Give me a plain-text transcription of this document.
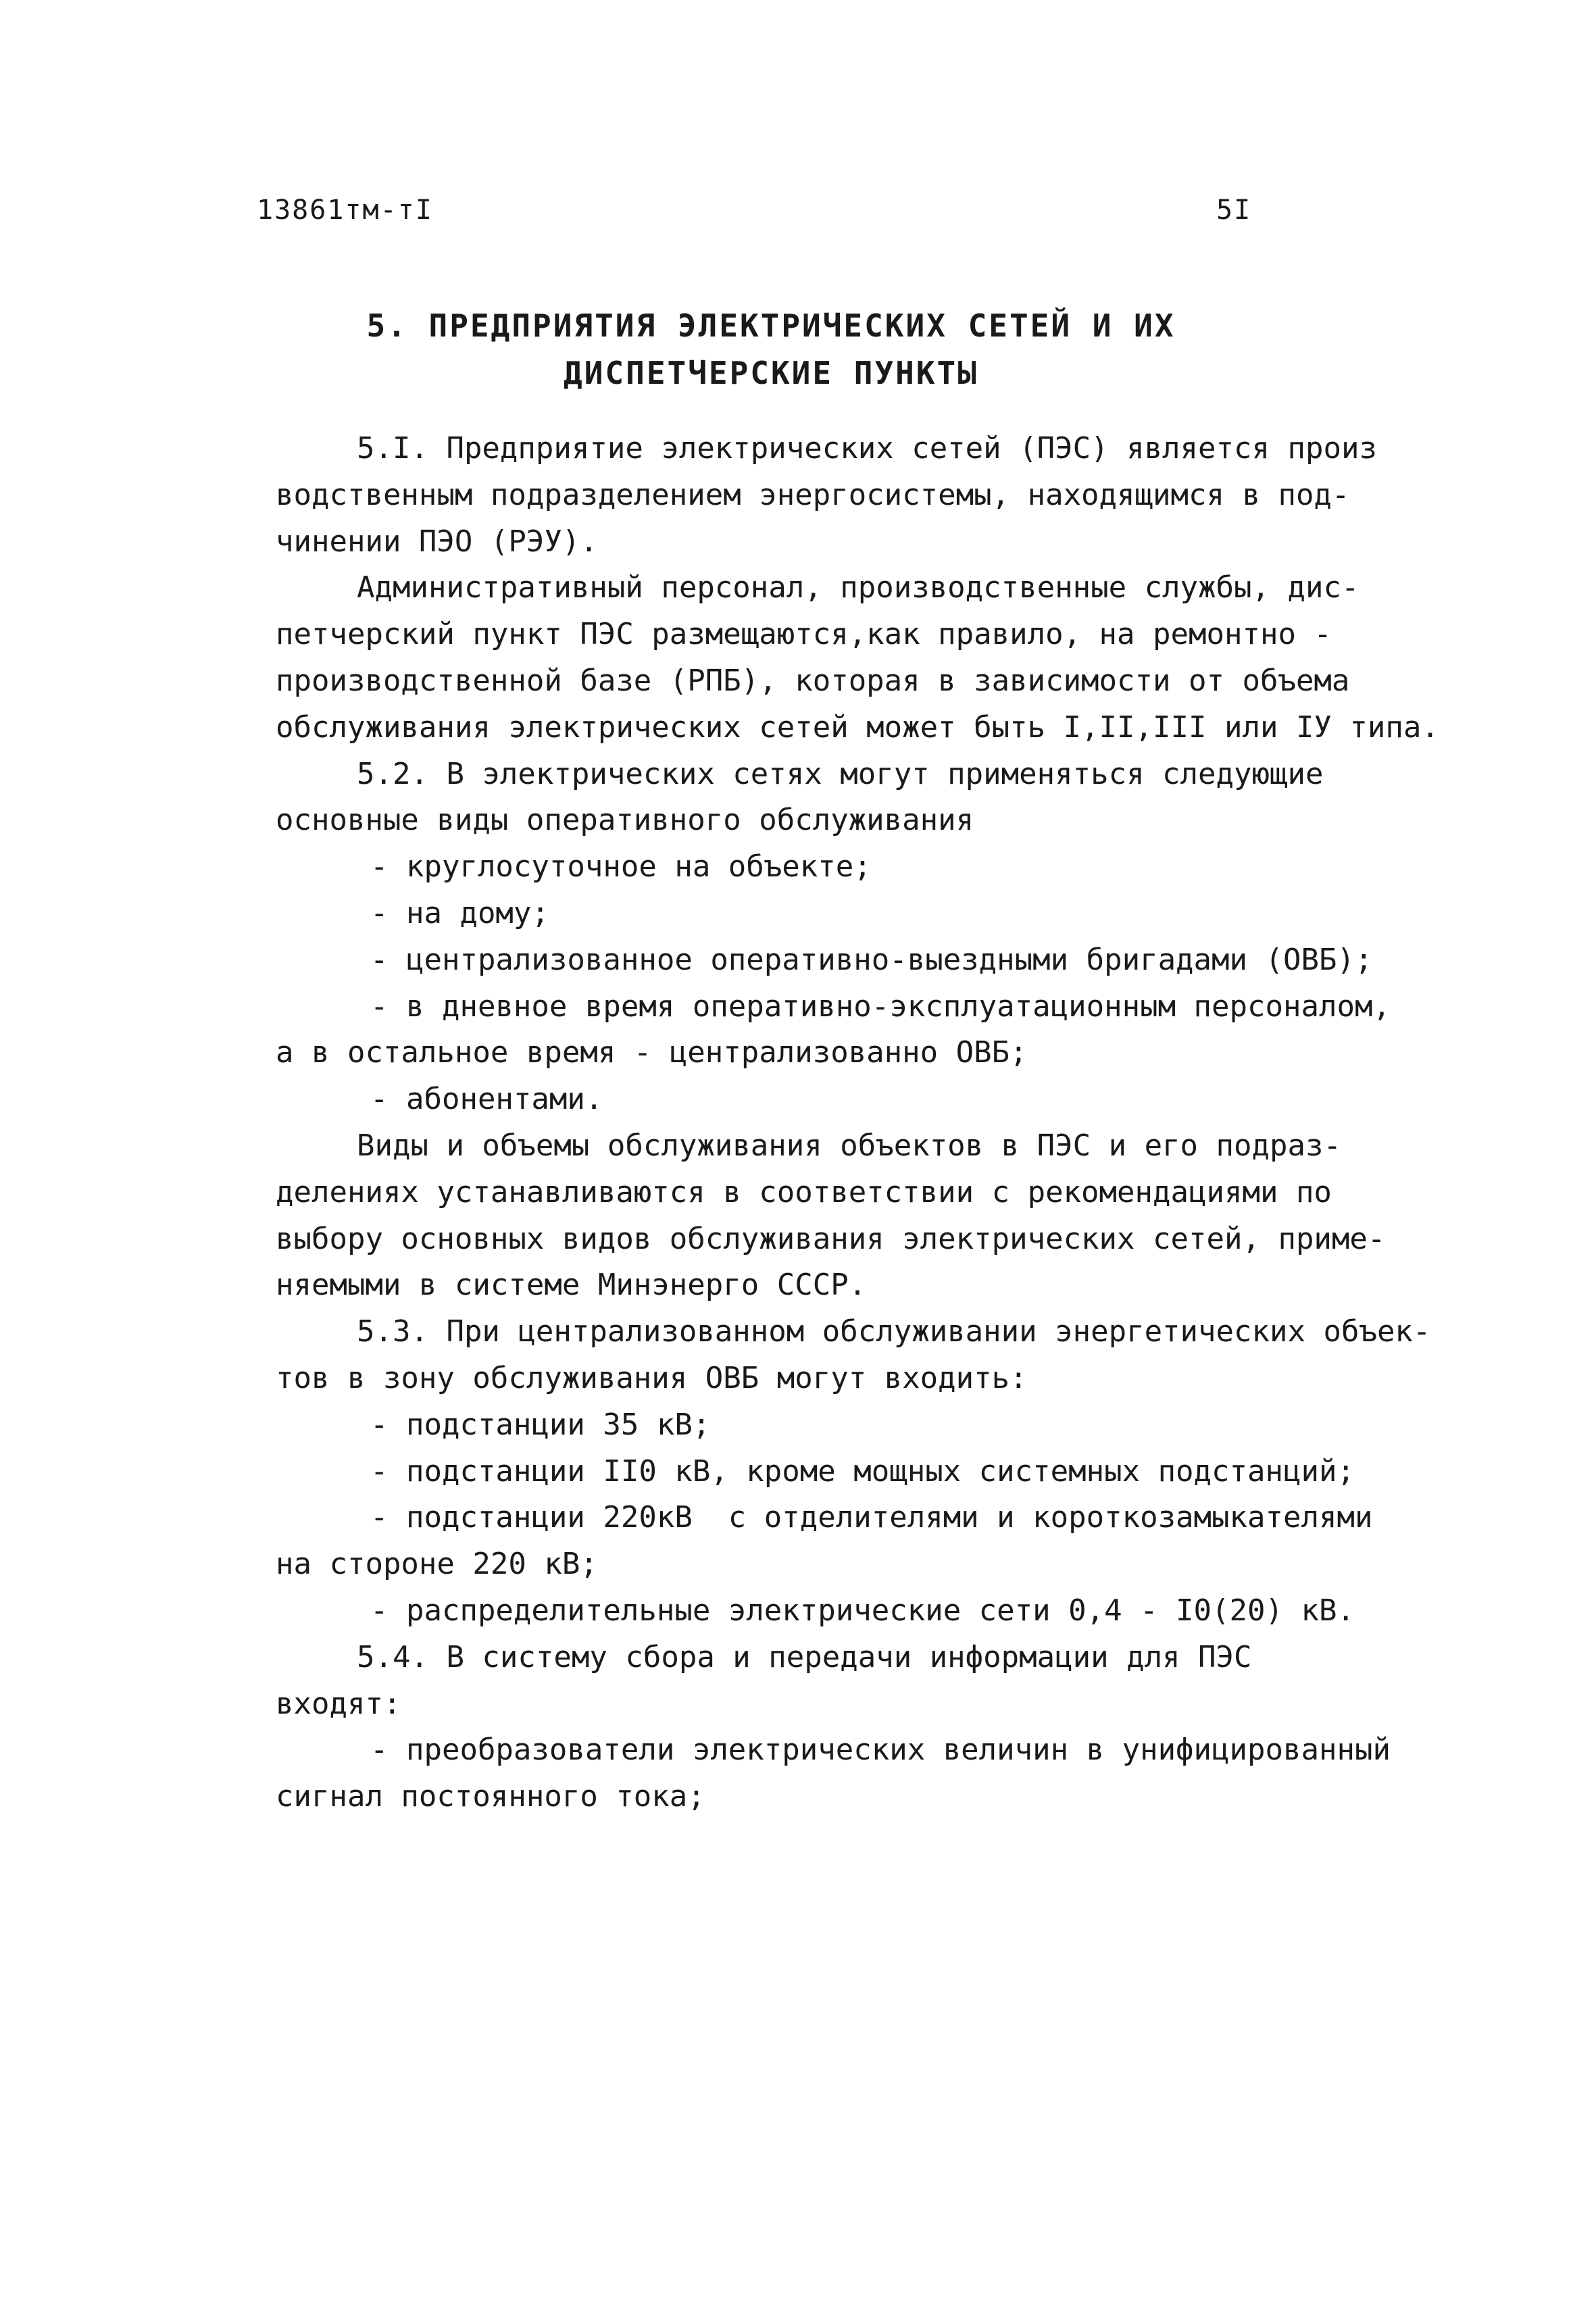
13861тм-тI	5I
5. ПРЕДПРИЯТИЯ ЭЛЕКТРИЧЕСКИХ СЕТЕЙ И ИХ
ДИСПЕТЧЕРСКИЕ ПУНКТЫ
5.I. Предприятие электрических сетей (ПЭС) является произ
водственным подразделением энергосистемы, находящимся в под-
чинении ПЭО (РЭУ).
Административный персонал, производственные службы, дис-
петчерский пункт ПЭС размещаются,как правило, на ремонтно -
производственной базе (РПБ), которая в зависимости от объема
обслуживания электрических сетей может быть I,II,III или IУ типа.
5.2. В электрических сетях могут применяться следующие
основные виды оперативного обслуживания
- круглосуточное на объекте;
- на дому;
- централизованное оперативно-выездными бригадами (ОВБ);
- в дневное время оперативно-эксплуатационным персоналом,
а в остальное время - централизованно ОВБ;
- абонентами.
Виды и объемы обслуживания объектов в ПЭС и его подраз-
делениях устанавливаются в соответствии с рекомендациями по
выбору основных видов обслуживания электрических сетей, приме-
няемыми в системе Минэнерго СССР.
5.3. При централизованном обслуживании энергетических объек-
тов в зону обслуживания ОВБ могут входить:
- подстанции 35 кВ;
- подстанции II0 кВ, кроме мощных системных подстанций;
- подстанции 220кВ  с отделителями и короткозамыкателями
на стороне 220 кВ;
- распределительные электрические сети 0,4 - I0(20) кВ.
5.4. В систему сбора и передачи информации для ПЭС
входят:
- преобразователи электрических величин в унифицированный
сигнал постоянного тока;
